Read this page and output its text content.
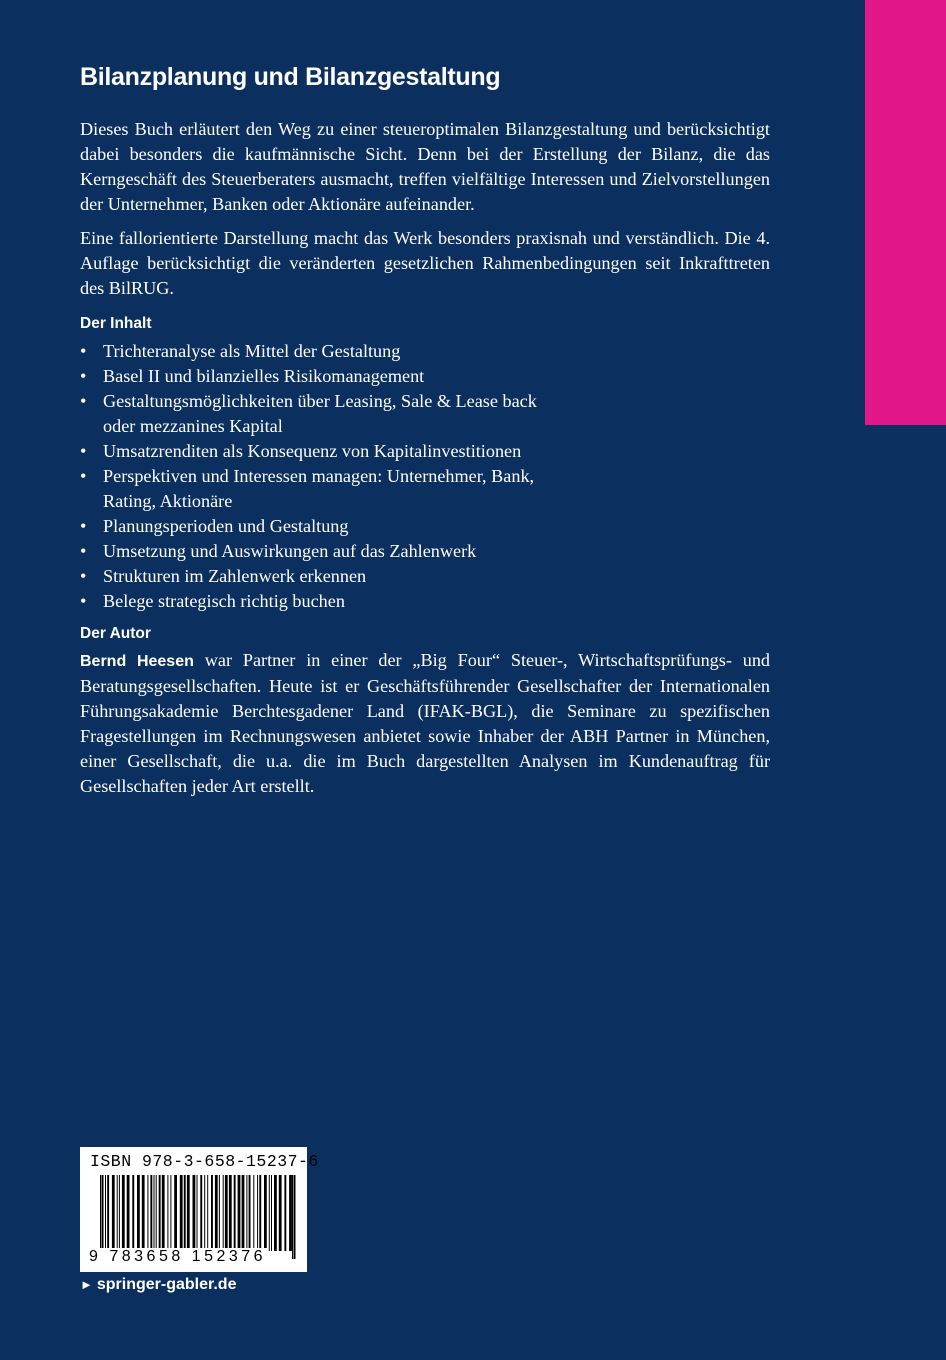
Bilanzplanung und Bilanzgestaltung

Dieses Buch erläutert den Weg zu einer steueroptimalen Bilanzgestaltung und berücksichtigt dabei besonders die kaufmännische Sicht. Denn bei der Erstellung der Bilanz, die das Kerngeschäft des Steuerberaters ausmacht, treffen vielfältige Interessen und Zielvorstellungen der Unternehmer, Banken oder Aktionäre aufeinander.

Eine fallorientierte Darstellung macht das Werk besonders praxisnah und verständlich. Die 4. Auflage berücksichtigt die veränderten gesetzlichen Rahmenbedingungen seit Inkrafttreten des BilRUG.

Der Inhalt

• Trichteranalyse als Mittel der Gestaltung
• Basel II und bilanzielles Risikomanagement
• Gestaltungsmöglichkeiten über Leasing, Sale & Lease back oder mezzanines Kapital
• Umsatzrenditen als Konsequenz von Kapitalinvestitionen
• Perspektiven und Interessen managen: Unternehmer, Bank, Rating, Aktionäre
• Planungsperioden und Gestaltung
• Umsetzung und Auswirkungen auf das Zahlenwerk
• Strukturen im Zahlenwerk erkennen
• Belege strategisch richtig buchen

Der Autor

Bernd Heesen war Partner in einer der „Big Four“ Steuer-, Wirtschaftsprüfungs- und Beratungsgesellschaften. Heute ist er Geschäftsführender Gesellschafter der Internationalen Führungsakademie Berchtesgadener Land (IFAK-BGL), die Seminare zu spezifischen Fragestellungen im Rechnungswesen anbietet sowie Inhaber der ABH Partner in München, einer Gesellschaft, die u.a. die im Buch dargestellten Analysen im Kundenauftrag für Gesellschaften jeder Art erstellt.

ISBN 978-3-658-15237-6
9 783658 152376
► springer-gabler.de
